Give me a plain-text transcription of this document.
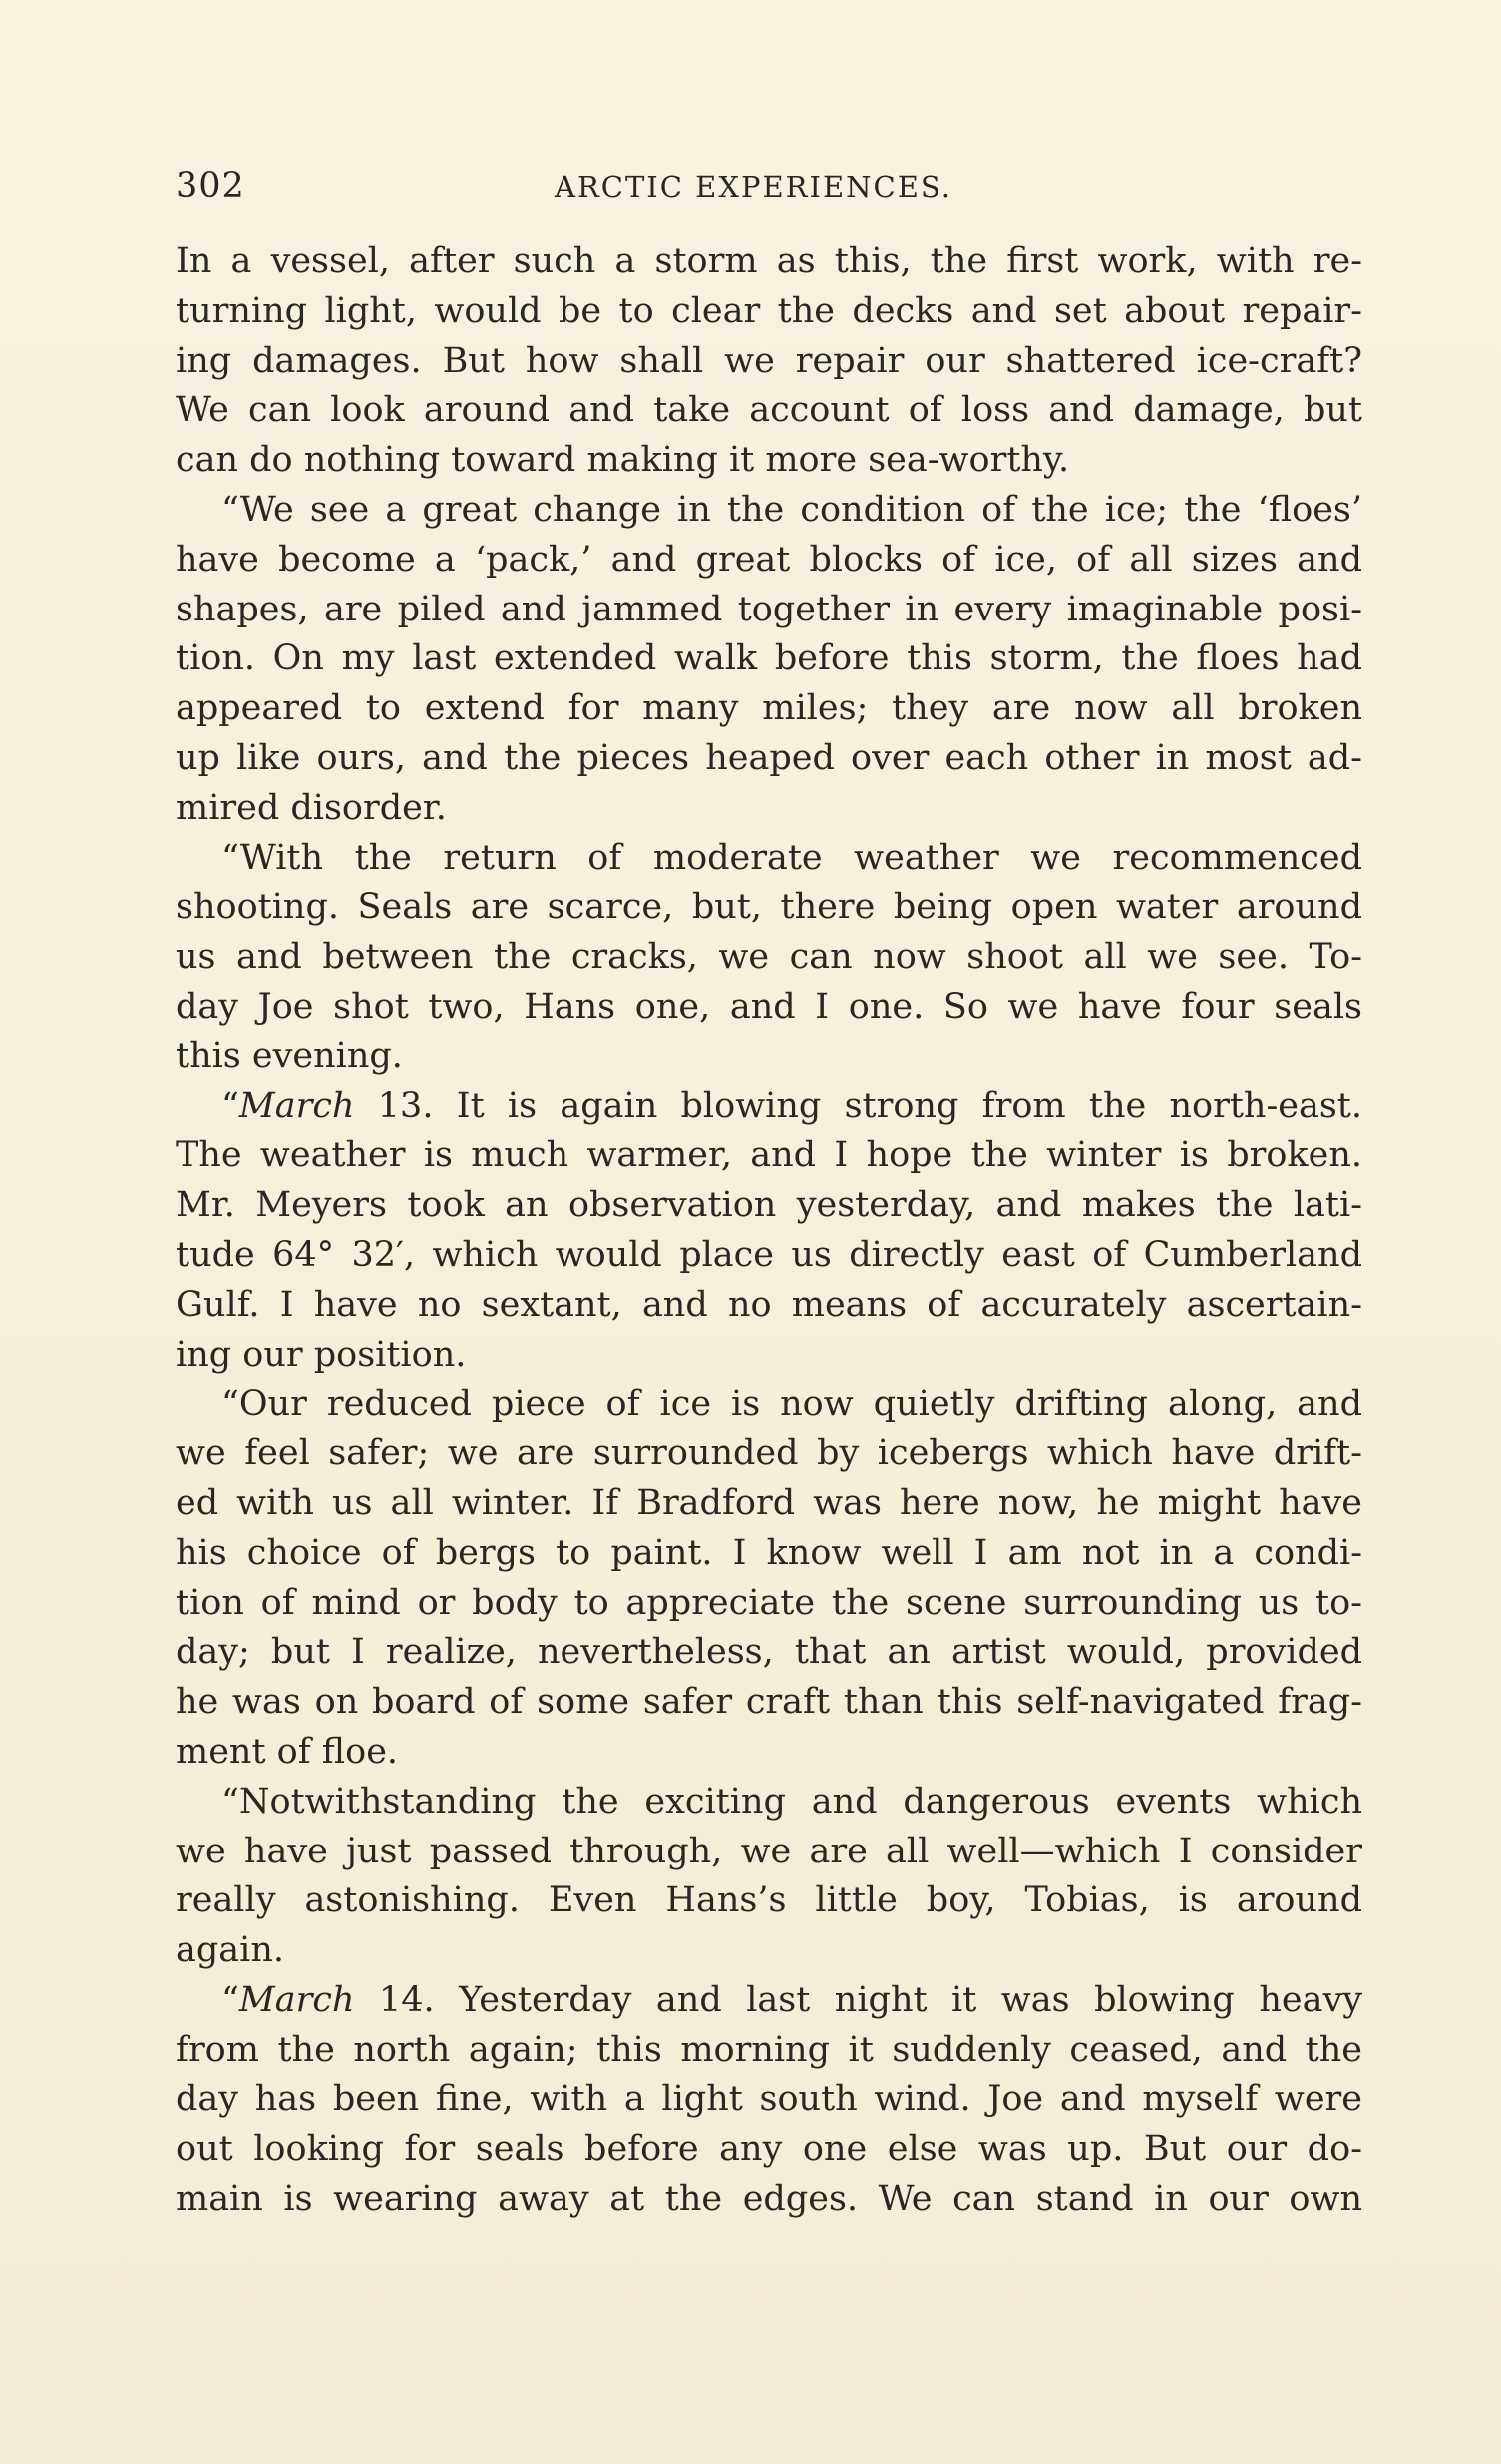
302	ARCTIC EXPERIENCES.
In a vessel, after such a storm as this, the first work, with re-
turning light, would be to clear the decks and set about repair-
ing damages. But how shall we repair our shattered ice-craft?
We can look around and take account of loss and damage, but
can do nothing toward making it more sea-worthy.
“We see a great change in the condition of the ice; the ‘floes’
have become a ‘pack,’ and great blocks of ice, of all sizes and
shapes, are piled and jammed together in every imaginable posi-
tion. On my last extended walk before this storm, the floes had
appeared to extend for many miles; they are now all broken
up like ours, and the pieces heaped over each other in most ad-
mired disorder.
“With the return of moderate weather we recommenced
shooting. Seals are scarce, but, there being open water around
us and between the cracks, we can now shoot all we see. To-
day Joe shot two, Hans one, and I one. So we have four seals
this evening.
“March 13. It is again blowing strong from the north-east.
The weather is much warmer, and I hope the winter is broken.
Mr. Meyers took an observation yesterday, and makes the lati-
tude 64° 32′, which would place us directly east of Cumberland
Gulf. I have no sextant, and no means of accurately ascertain-
ing our position.
“Our reduced piece of ice is now quietly drifting along, and
we feel safer; we are surrounded by icebergs which have drift-
ed with us all winter. If Bradford was here now, he might have
his choice of bergs to paint. I know well I am not in a condi-
tion of mind or body to appreciate the scene surrounding us to-
day; but I realize, nevertheless, that an artist would, provided
he was on board of some safer craft than this self-navigated frag-
ment of floe.
“Notwithstanding the exciting and dangerous events which
we have just passed through, we are all well—which I consider
really astonishing. Even Hans’s little boy, Tobias, is around
again.
“March 14. Yesterday and last night it was blowing heavy
from the north again; this morning it suddenly ceased, and the
day has been fine, with a light south wind. Joe and myself were
out looking for seals before any one else was up. But our do-
main is wearing away at the edges. We can stand in our own
